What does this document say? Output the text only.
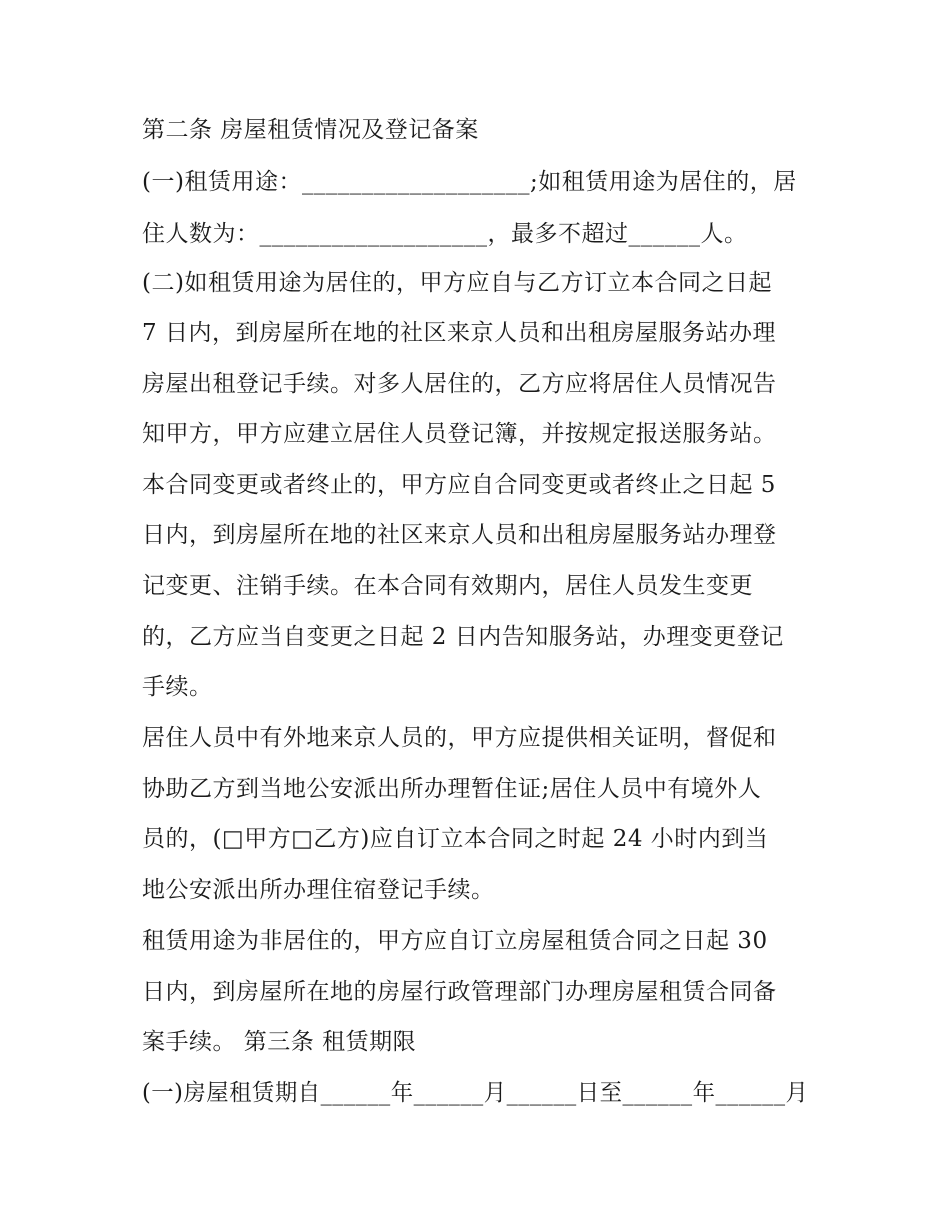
第二条 房屋租赁情况及登记备案
(一)租赁用途：___________________;如租赁用途为居住的，居
住人数为：___________________，最多不超过______人。
(二)如租赁用途为居住的，甲方应自与乙方订立本合同之日起
7 日内，到房屋所在地的社区来京人员和出租房屋服务站办理
房屋出租登记手续。对多人居住的，乙方应将居住人员情况告
知甲方，甲方应建立居住人员登记簿，并按规定报送服务站。
本合同变更或者终止的，甲方应自合同变更或者终止之日起 5
日内，到房屋所在地的社区来京人员和出租房屋服务站办理登
记变更、注销手续。在本合同有效期内，居住人员发生变更
的，乙方应当自变更之日起 2 日内告知服务站，办理变更登记
手续。
居住人员中有外地来京人员的，甲方应提供相关证明，督促和
协助乙方到当地公安派出所办理暂住证;居住人员中有境外人
员的，(□甲方□乙方)应自订立本合同之时起 24 小时内到当
地公安派出所办理住宿登记手续。
租赁用途为非居住的，甲方应自订立房屋租赁合同之日起 30
日内，到房屋所在地的房屋行政管理部门办理房屋租赁合同备
案手续。 第三条 租赁期限
(一)房屋租赁期自______年______月______日至______年______月
